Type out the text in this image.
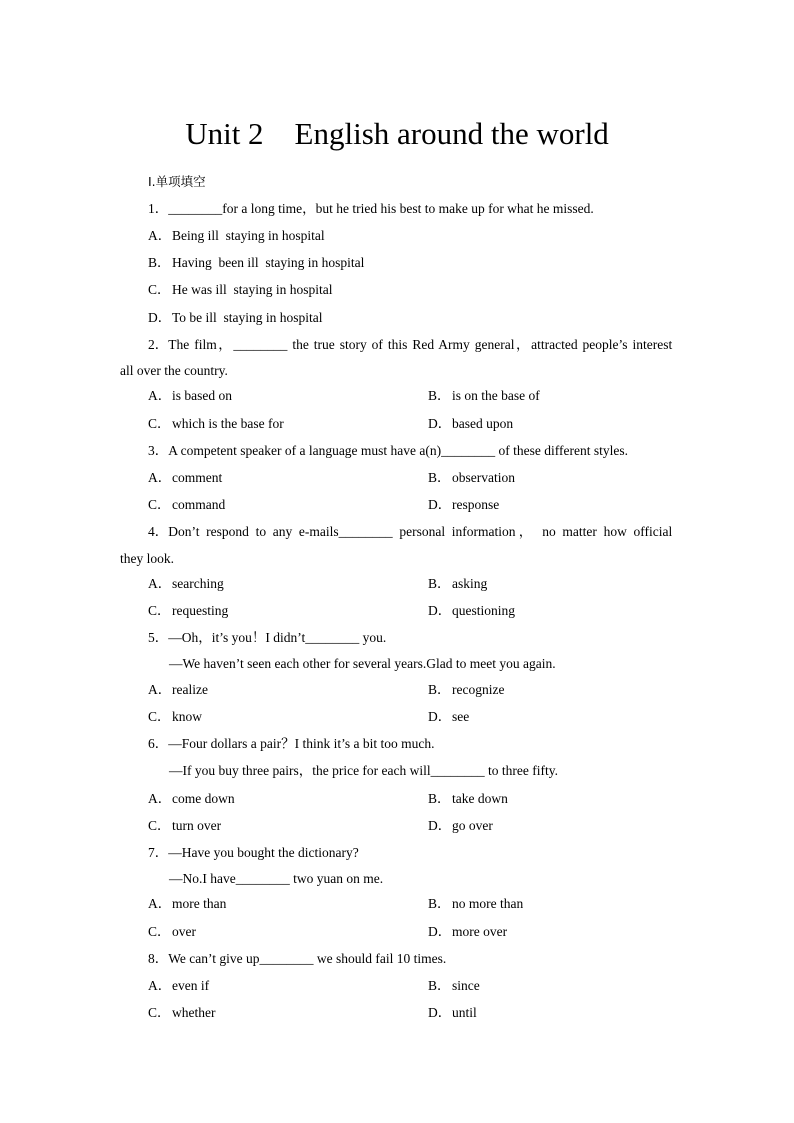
Unit 2    English around the world
Ⅰ.单项填空
1．________for a long time，but he tried his best to make up for what he missed.
A．Being ill  staying in hospital
B．Having  been ill  staying in hospital
C．He was ill  staying in hospital
D．To be ill  staying in hospital
2．The film，________ the true story of this Red Army general，attracted people’s interest
all over the country.
A．is based on	B．is on the base of
C．which is the base for	D．based upon
3．A competent speaker of a language must have a(n)________ of these different styles.
A．comment	B．observation
C．command	D．response
4．Don’t respond to any e-mails________ personal information， no matter how official
they look.
A．searching	B．asking
C．requesting	D．questioning
5．—Oh，it’s you！I didn’t________ you.
—We haven’t seen each other for several years.Glad to meet you again.
A．realize	B．recognize
C．know	D．see
6．—Four dollars a pair？I think it’s a bit too much.
—If you buy three pairs，the price for each will________ to three fifty.
A．come down	B．take down
C．turn over	D．go over
7．—Have you bought the dictionary?
—No.I have________ two yuan on me.
A．more than	B．no more than
C．over	D．more over
8．We can’t give up________ we should fail 10 times.
A．even if	B．since
C．whether	D．until
